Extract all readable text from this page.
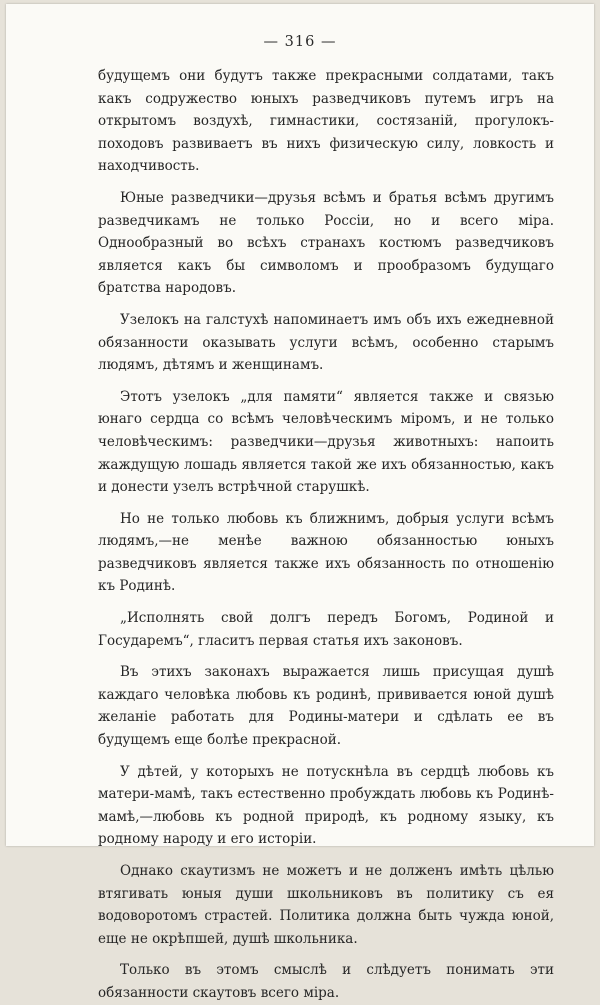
— 316 —

будущемъ они будутъ также прекрасными солдатами, такъ какъ содружество юныхъ разведчиковъ путемъ игръ на открытомъ воздухѣ, гимнастики, состязаній, прогулокъ-походовъ развиваетъ въ нихъ физическую силу, ловкость и находчивость.

Юные разведчики—друзья всѣмъ и братья всѣмъ другимъ разведчикамъ не только Россіи, но и всего міра. Однообразный во всѣхъ странахъ костюмъ разведчиковъ является какъ бы символомъ и прообразомъ будущаго братства народовъ.

Узелокъ на галстухѣ напоминаетъ имъ объ ихъ ежедневной обязанности оказывать услуги всѣмъ, особенно старымъ людямъ, дѣтямъ и женщинамъ.

Этотъ узелокъ „для памяти“ является также и связью юнаго сердца со всѣмъ человѣческимъ міромъ, и не только человѣческимъ: разведчики—друзья животныхъ: напоить жаждущую лошадь является такой же ихъ обязанностью, какъ и донести узелъ встрѣчной старушкѣ.

Но не только любовь къ ближнимъ, добрыя услуги всѣмъ людямъ,—не менѣе важною обязанностью юныхъ разведчиковъ является также ихъ обязанность по отношенію къ Родинѣ.

„Исполнять свой долгъ передъ Богомъ, Родиной и Государемъ“, гласитъ первая статья ихъ законовъ.

Въ этихъ законахъ выражается лишь присущая душѣ каждаго человѣка любовь къ родинѣ, прививается юной душѣ желаніе работать для Родины-матери и сдѣлать ее въ будущемъ еще болѣе прекрасной.

У дѣтей, у которыхъ не потускнѣла въ сердцѣ любовь къ матери-мамѣ, такъ естественно пробуждать любовь къ Родинѣ-мамѣ,—любовь къ родной природѣ, къ родному языку, къ родному народу и его исторіи.

Однако скаутизмъ не можетъ и не долженъ имѣть цѣлью втягивать юныя души школьниковъ въ политику съ ея водоворотомъ страстей. Политика должна быть чужда юной, еще не окрѣпшей, душѣ школьника.

Только въ этомъ смыслѣ и слѣдуетъ понимать эти обязанности скаутовъ всего міра.
